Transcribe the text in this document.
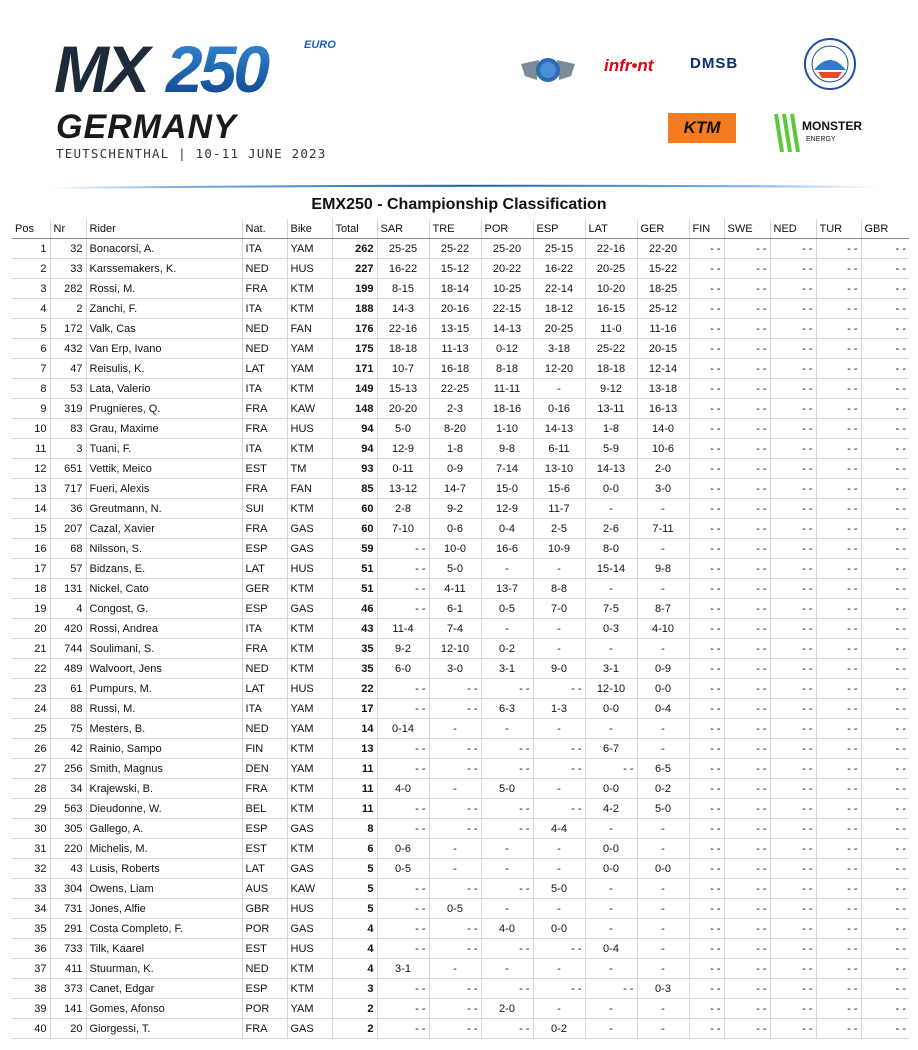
MX 250	EURO
GERMANY
TEUTSCHENTHAL | 10-11 JUNE 2023
infr•nt DMSB
KTM	MONSTER
ENERGY
EMX250 - Championship Classification
Pos	Nr	Rider	Nat.	Bike	Total	SAR	TRE	POR	ESP	LAT	GER	FIN	SWE	NED	TUR	GBR
1	32	Bonacorsi, A.	ITA	YAM	262	25-25	25-22	25-20	25-15	22-16	22-20	- -	- -	- -	- -	- -
2	33	Karssemakers, K.	NED	HUS	227	16-22	15-12	20-22	16-22	20-25	15-22	- -	- -	- -	- -	- -
3	282	Rossi, M.	FRA	KTM	199	8-15	18-14	10-25	22-14	10-20	18-25	- -	- -	- -	- -	- -
4	2	Zanchi, F.	ITA	KTM	188	14-3	20-16	22-15	18-12	16-15	25-12	- -	- -	- -	- -	- -
5	172	Valk, Cas	NED	FAN	176	22-16	13-15	14-13	20-25	11-0	11-16	- -	- -	- -	- -	- -
6	432	Van Erp, Ivano	NED	YAM	175	18-18	11-13	0-12	3-18	25-22	20-15	- -	- -	- -	- -	- -
7	47	Reisulis, K.	LAT	YAM	171	10-7	16-18	8-18	12-20	18-18	12-14	- -	- -	- -	- -	- -
8	53	Lata, Valerio	ITA	KTM	149	15-13	22-25	11-11	-	9-12	13-18	- -	- -	- -	- -	- -
9	319	Prugnieres, Q.	FRA	KAW	148	20-20	2-3	18-16	0-16	13-11	16-13	- -	- -	- -	- -	- -
10	83	Grau, Maxime	FRA	HUS	94	5-0	8-20	1-10	14-13	1-8	14-0	- -	- -	- -	- -	- -
11	3	Tuani, F.	ITA	KTM	94	12-9	1-8	9-8	6-11	5-9	10-6	- -	- -	- -	- -	- -
12	651	Vettik, Meico	EST	TM	93	0-11	0-9	7-14	13-10	14-13	2-0	- -	- -	- -	- -	- -
13	717	Fueri, Alexis	FRA	FAN	85	13-12	14-7	15-0	15-6	0-0	3-0	- -	- -	- -	- -	- -
14	36	Greutmann, N.	SUI	KTM	60	2-8	9-2	12-9	11-7	-	-	- -	- -	- -	- -	- -
15	207	Cazal, Xavier	FRA	GAS	60	7-10	0-6	0-4	2-5	2-6	7-11	- -	- -	- -	- -	- -
16	68	Nilsson, S.	ESP	GAS	59	- -	10-0	16-6	10-9	8-0	-	- -	- -	- -	- -	- -
17	57	Bidzans, E.	LAT	HUS	51	- -	5-0	-	-	15-14	9-8	- -	- -	- -	- -	- -
18	131	Nickel, Cato	GER	KTM	51	- -	4-11	13-7	8-8	-	-	- -	- -	- -	- -	- -
19	4	Congost, G.	ESP	GAS	46	- -	6-1	0-5	7-0	7-5	8-7	- -	- -	- -	- -	- -
20	420	Rossi, Andrea	ITA	KTM	43	11-4	7-4	-	-	0-3	4-10	- -	- -	- -	- -	- -
21	744	Soulimani, S.	FRA	KTM	35	9-2	12-10	0-2	-	-	-	- -	- -	- -	- -	- -
22	489	Walvoort, Jens	NED	KTM	35	6-0	3-0	3-1	9-0	3-1	0-9	- -	- -	- -	- -	- -
23	61	Pumpurs, M.	LAT	HUS	22	- -	- -	- -	- -	12-10	0-0	- -	- -	- -	- -	- -
24	88	Russi, M.	ITA	YAM	17	- -	- -	6-3	1-3	0-0	0-4	- -	- -	- -	- -	- -
25	75	Mesters, B.	NED	YAM	14	0-14	-	-	-	-	-	- -	- -	- -	- -	- -
26	42	Rainio, Sampo	FIN	KTM	13	- -	- -	- -	- -	6-7	-	- -	- -	- -	- -	- -
27	256	Smith, Magnus	DEN	YAM	11	- -	- -	- -	- -	- -	6-5	- -	- -	- -	- -	- -
28	34	Krajewski, B.	FRA	KTM	11	4-0	-	5-0	-	0-0	0-2	- -	- -	- -	- -	- -
29	563	Dieudonne, W.	BEL	KTM	11	- -	- -	- -	- -	4-2	5-0	- -	- -	- -	- -	- -
30	305	Gallego, A.	ESP	GAS	8	- -	- -	- -	4-4	-	-	- -	- -	- -	- -	- -
31	220	Michelis, M.	EST	KTM	6	0-6	-	-	-	0-0	-	- -	- -	- -	- -	- -
32	43	Lusis, Roberts	LAT	GAS	5	0-5	-	-	-	0-0	0-0	- -	- -	- -	- -	- -
33	304	Owens, Liam	AUS	KAW	5	- -	- -	- -	5-0	-	-	- -	- -	- -	- -	- -
34	731	Jones, Alfie	GBR	HUS	5	- -	0-5	-	-	-	-	- -	- -	- -	- -	- -
35	291	Costa Completo, F.	POR	GAS	4	- -	- -	4-0	0-0	-	-	- -	- -	- -	- -	- -
36	733	Tilk, Kaarel	EST	HUS	4	- -	- -	- -	- -	0-4	-	- -	- -	- -	- -	- -
37	411	Stuurman, K.	NED	KTM	4	3-1	-	-	-	-	-	- -	- -	- -	- -	- -
38	373	Canet, Edgar	ESP	KTM	3	- -	- -	- -	- -	- -	0-3	- -	- -	- -	- -	- -
39	141	Gomes, Afonso	POR	YAM	2	- -	- -	2-0	-	-	-	- -	- -	- -	- -	- -
40	20	Giorgessi, T.	FRA	GAS	2	- -	- -	- -	0-2	-	-	- -	- -	- -	- -	- -
